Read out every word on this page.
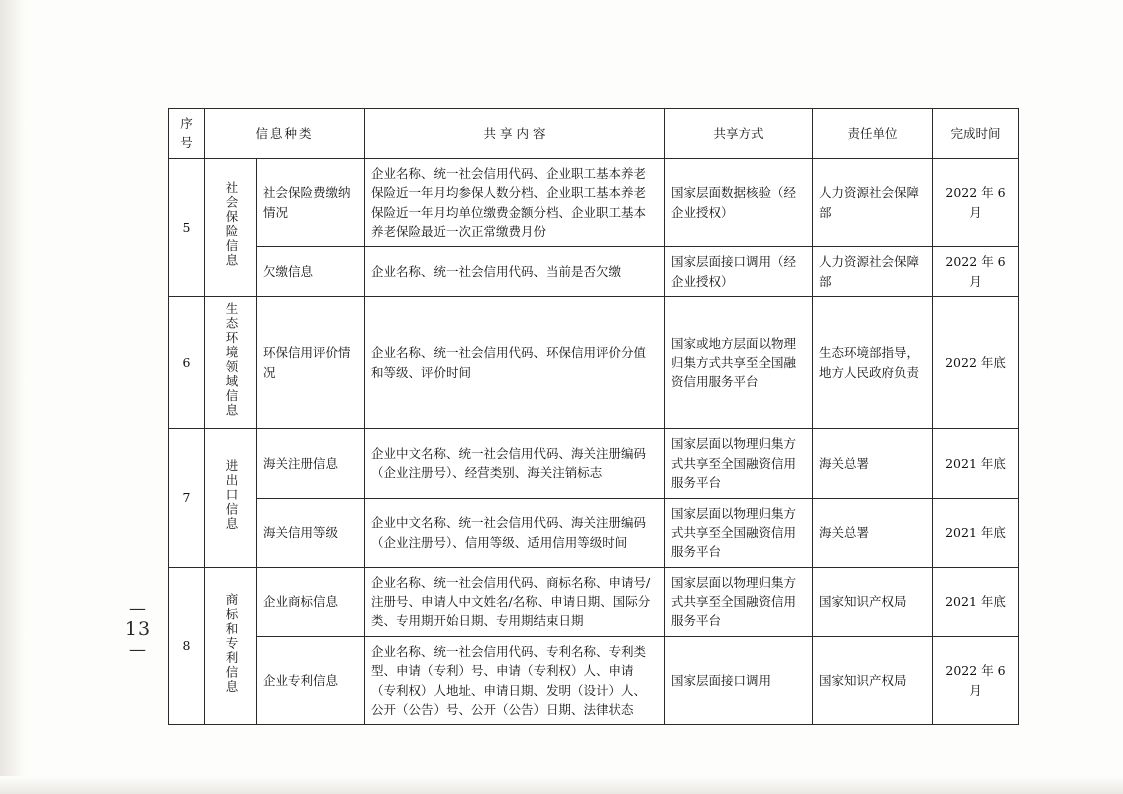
—
13
—
序号	信息种类		共 享 内 容	共享方式	责任单位	完成时间
5	社会保险信息	社会保险费缴纳情况	企业名称、统一社会信用代码、企业职工基本养老保险近一年月均参保人数分档、企业职工基本养老保险近一年月均单位缴费金额分档、企业职工基本养老保险最近一次正常缴费月份	国家层面数据核验（经企业授权）	人力资源社会保障部	2022 年 6 月
		欠缴信息	企业名称、统一社会信用代码、当前是否欠缴	国家层面接口调用（经企业授权）	人力资源社会保障部	2022 年 6 月
6	生态环境领域信息	环保信用评价情况	企业名称、统一社会信用代码、环保信用评价分值和等级、评价时间	国家或地方层面以物理归集方式共享至全国融资信用服务平台	生态环境部指导，地方人民政府负责	2022 年底
7	进出口信息	海关注册信息	企业中文名称、统一社会信用代码、海关注册编码（企业注册号）、经营类别、海关注销标志	国家层面以物理归集方式共享至全国融资信用服务平台	海关总署	2021 年底
		海关信用等级	企业中文名称、统一社会信用代码、海关注册编码（企业注册号）、信用等级、适用信用等级时间	国家层面以物理归集方式共享至全国融资信用服务平台	海关总署	2021 年底
8	商标和专利信息	企业商标信息	企业名称、统一社会信用代码、商标名称、申请号/注册号、申请人中文姓名/名称、申请日期、国际分类、专用期开始日期、专用期结束日期	国家层面以物理归集方式共享至全国融资信用服务平台	国家知识产权局	2021 年底
		企业专利信息	企业名称、统一社会信用代码、专利名称、专利类型、申请（专利）号、申请（专利权）人、申请（专利权）人地址、申请日期、发明（设计）人、公开（公告）号、公开（公告）日期、法律状态	国家层面接口调用	国家知识产权局	2022 年 6 月
